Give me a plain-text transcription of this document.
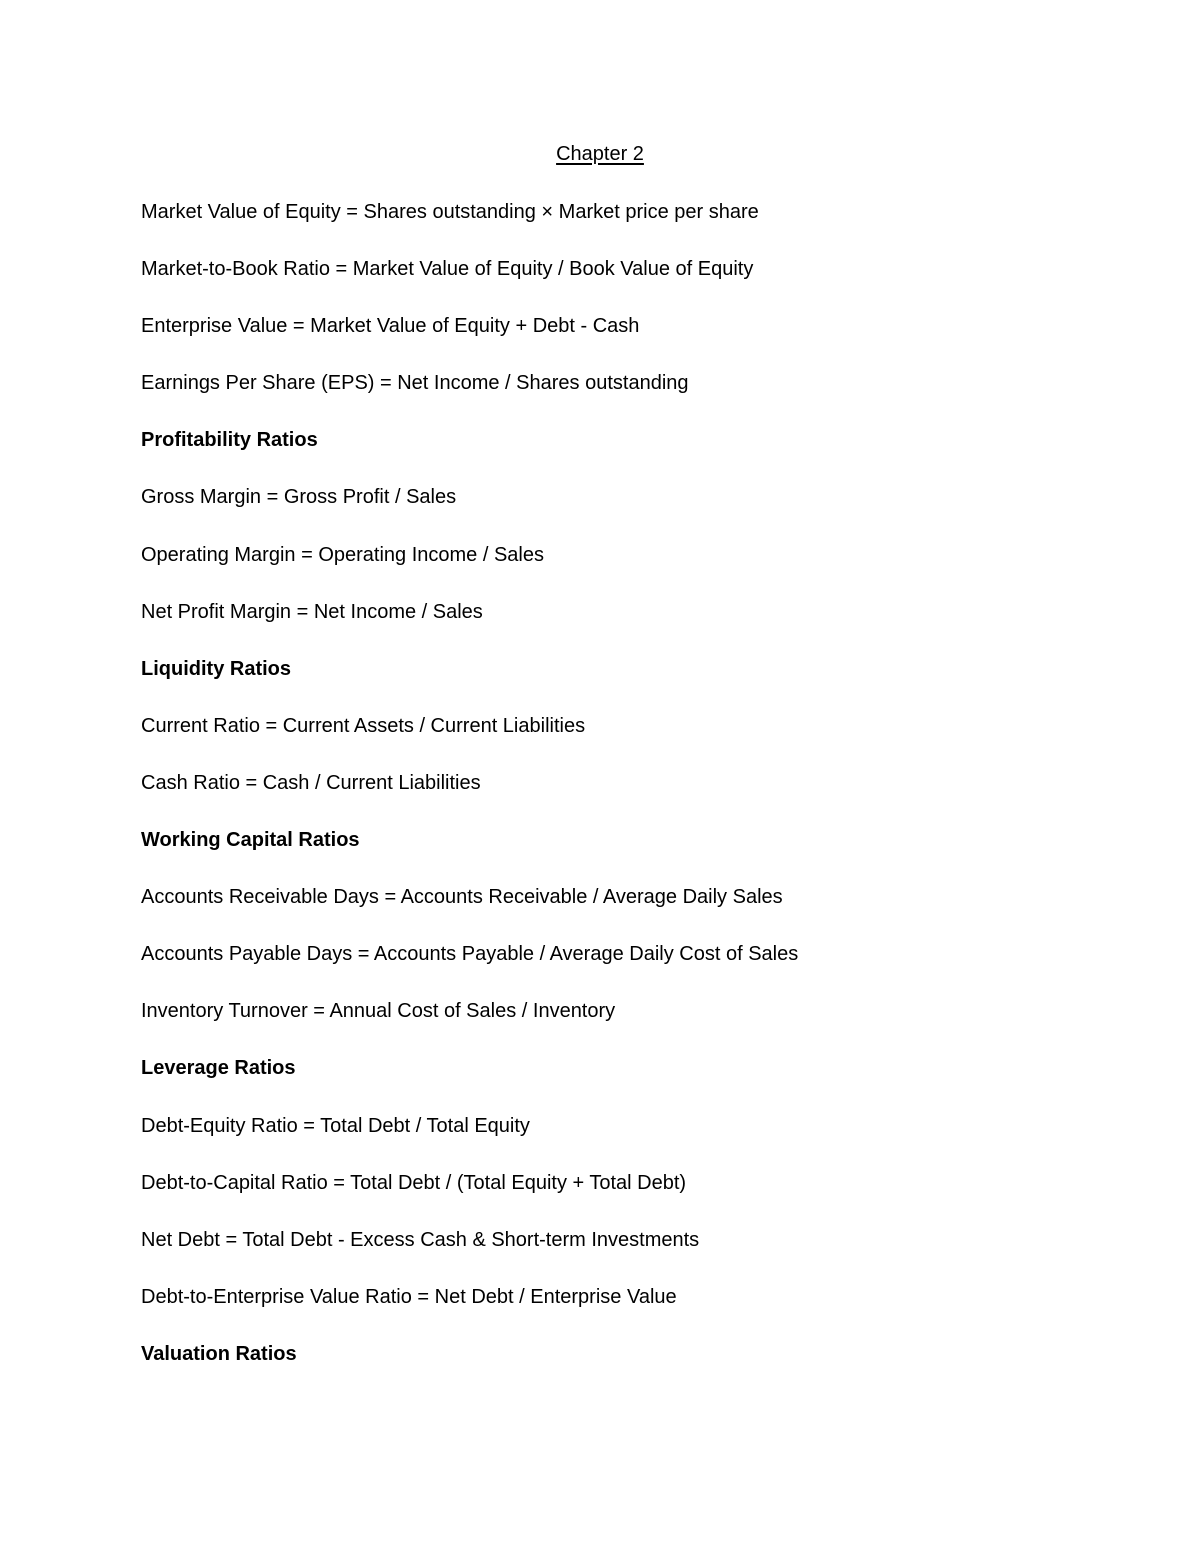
Chapter 2
Market Value of Equity = Shares outstanding × Market price per share
Market-to-Book Ratio = Market Value of Equity / Book Value of Equity
Enterprise Value = Market Value of Equity + Debt - Cash
Earnings Per Share (EPS) = Net Income / Shares outstanding
Profitability Ratios
Gross Margin = Gross Profit / Sales
Operating Margin = Operating Income / Sales
Net Profit Margin = Net Income / Sales
Liquidity Ratios
Current Ratio = Current Assets / Current Liabilities
Cash Ratio = Cash / Current Liabilities
Working Capital Ratios
Accounts Receivable Days = Accounts Receivable / Average Daily Sales
Accounts Payable Days = Accounts Payable / Average Daily Cost of Sales
Inventory Turnover = Annual Cost of Sales / Inventory
Leverage Ratios
Debt-Equity Ratio = Total Debt / Total Equity
Debt-to-Capital Ratio = Total Debt / (Total Equity + Total Debt)
Net Debt = Total Debt - Excess Cash & Short-term Investments
Debt-to-Enterprise Value Ratio = Net Debt / Enterprise Value
Valuation Ratios
